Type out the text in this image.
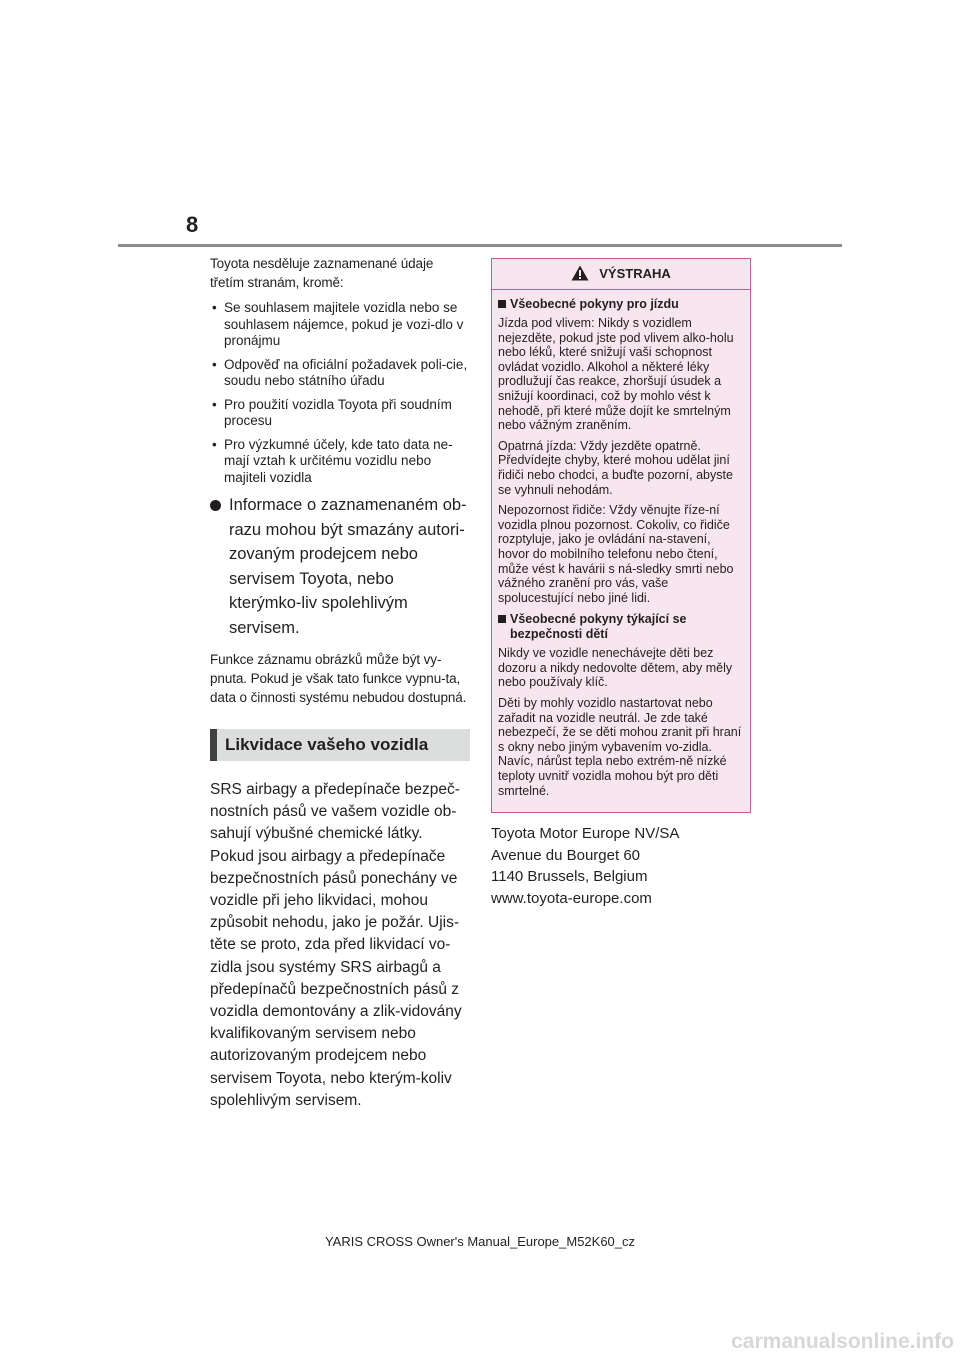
8

Toyota nesděluje zaznamenané údaje třetím stranám, kromě:

• Se souhlasem majitele vozidla nebo se souhlasem nájemce, pokud je vozi-dlo v pronájmu
• Odpověď na oficiální požadavek poli-cie, soudu nebo státního úřadu
• Pro použití vozidla Toyota při soudním procesu
• Pro výzkumné účely, kde tato data ne-mají vztah k určitému vozidlu nebo majiteli vozidla
Informace o zaznamenaném ob-razu mohou být smazány autori-zovaným prodejcem nebo servisem Toyota, nebo kterýmko-liv spolehlivým servisem.

Funkce záznamu obrázků může být vy-pnuta. Pokud je však tato funkce vypnu-ta, data o činnosti systému nebudou dostupná.

Likvidace vašeho vozidla

SRS airbagy a předepínače bezpeč-nostních pásů ve vašem vozidle ob-sahují výbušné chemické látky. Pokud jsou airbagy a předepínače bezpečnostních pásů ponechány ve vozidle při jeho likvidaci, mohou způsobit nehodu, jako je požár. Ujis-těte se proto, zda před likvidací vo-zidla jsou systémy SRS airbagů a předepínačů bezpečnostních pásů z vozidla demontovány a zlik-vidovány kvalifikovaným servisem nebo autorizovaným prodejcem nebo servisem Toyota, nebo kterým-koliv spolehlivým servisem.

VÝSTRAHA
Všeobecné pokyny pro jízdu

Jízda pod vlivem: Nikdy s vozidlem nejezděte, pokud jste pod vlivem alko-holu nebo léků, které snižují vaši schopnost ovládat vozidlo. Alkohol a některé léky prodlužují čas reakce, zhoršují úsudek a snižují koordinaci, což by mohlo vést k nehodě, při které může dojít ke smrtelným nebo vážným zraněním.

Opatrná jízda: Vždy jezděte opatrně. Předvídejte chyby, které mohou udělat jiní řidiči nebo chodci, a buďte pozorní, abyste se vyhnuli nehodám.

Nepozornost řidiče: Vždy věnujte říze-ní vozidla plnou pozornost. Cokoliv, co řidiče rozptyluje, jako je ovládání na-stavení, hovor do mobilního telefonu nebo čtení, může vést k havárii s ná-sledky smrti nebo vážného zranění pro vás, vaše spolucestující nebo jiné lidi.

Všeobecné pokyny týkající se bezpečnosti dětí

Nikdy ve vozidle nenechávejte děti bez dozoru a nikdy nedovolte dětem, aby měly nebo používaly klíč.

Děti by mohly vozidlo nastartovat nebo zařadit na vozidle neutrál. Je zde také nebezpečí, že se děti mohou zranit při hraní s okny nebo jiným vybavením vo-zidla. Navíc, nárůst tepla nebo extrém-ně nízké teploty uvnitř vozidla mohou být pro děti smrtelné.

Toyota Motor Europe NV/SA

Avenue du Bourget 60

1140 Brussels, Belgium

www.toyota-europe.com

YARIS CROSS Owner's Manual_Europe_M52K60_cz

carmanualsonline.info
